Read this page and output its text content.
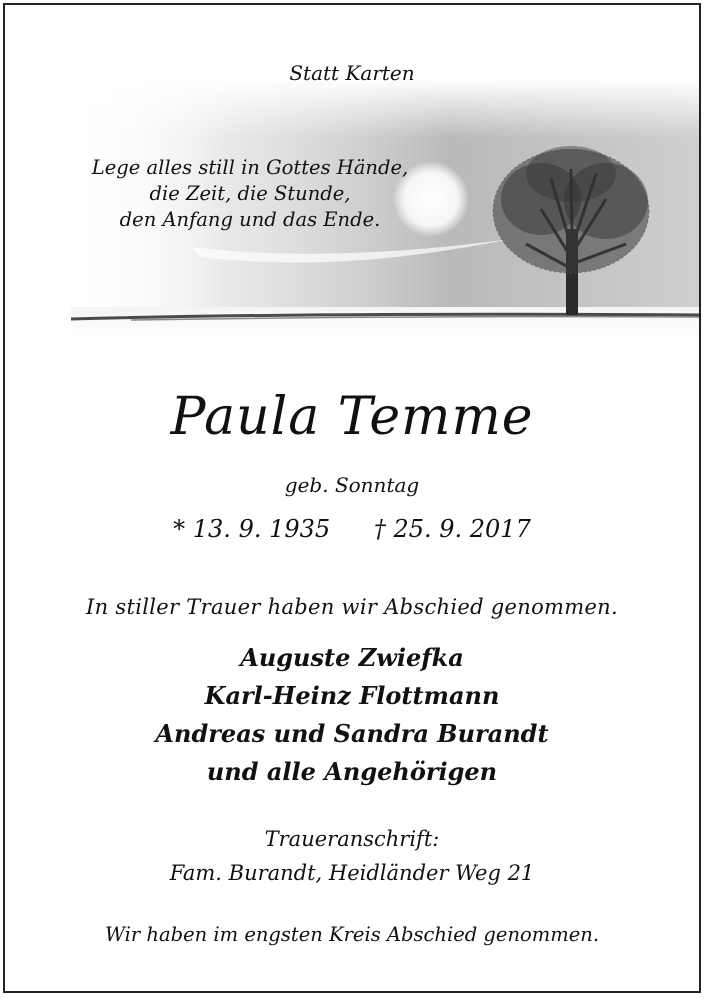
Statt Karten
Lege alles still in Gottes Hände,
die Zeit, die Stunde,
den Anfang und das Ende.
Paula Temme
geb. Sonntag
* 13. 9. 1935 † 25. 9. 2017
In stiller Trauer haben wir Abschied genommen.
Auguste Zwiefka
Karl-Heinz Flottmann
Andreas und Sandra Burandt
und alle Angehörigen
Traueranschrift:
Fam. Burandt, Heidländer Weg 21
Wir haben im engsten Kreis Abschied genommen.
